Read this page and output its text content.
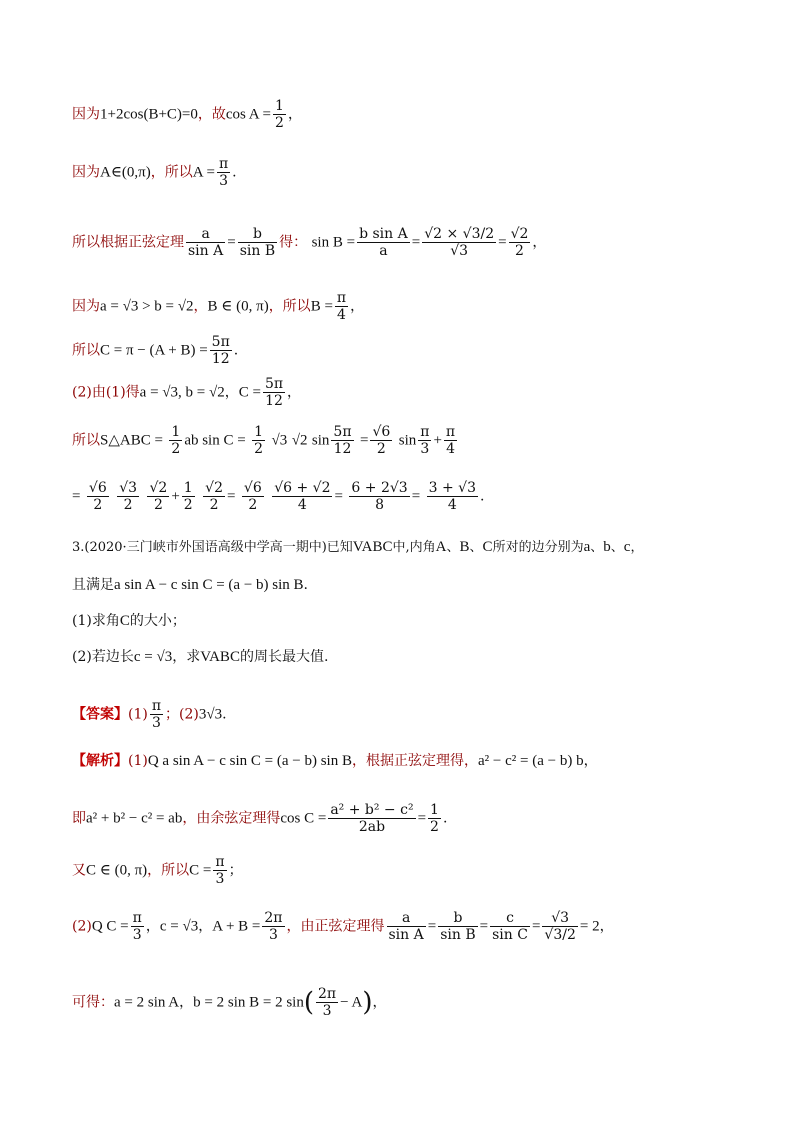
因为1+2cos(B+C)=0，故$\cos A = \frac{1}{2}$ ，
因为A∈(0,π)，所以$A = \frac{\pi}{3}$ .
所以根据正弦定理 $\frac{a}{\text{sin A}} = \frac{b}{\text{sin B}}$ 得： $\sin B = \frac{\text{b sin A}}{a} = \frac{√2 \times √3/2}{√3} = \frac{√2}{2}$ ，
因为a = √3 > b = √2，B ∈ (0, π)，所以$B = \frac{\pi}{4}$ ，
所以$C = \pi - (A + B) = \frac{5\pi}{12}$ .
(2)由(1)得a = √3, b = √2，$C = \frac{5\pi}{12}$ ，
所以S△ABC = $\frac{1}{2}$ ab $\sin C = \frac{1}{2} √3$ √2 $\sin \frac{5\pi}{12} = \frac{√6}{2}$ $\sin \frac{\pi}{3} + \frac{\pi}{4}$
= $\frac{√6}{2}$
$\frac{√3}{2}$
$\frac{√2}{2} + \frac{1}{2}$
$\frac{√2}{2} = \frac{√6}{2}$
$\frac{√6 + √2}{4} = \frac{6 + 2√3}{8} = \frac{3 + √3}{4}$ .
3.(2020·三门峡市外国语高级中学高一期中)已知VABC中,内角A、B、C所对的边分别为a、b、c，
且满足a sin A − c sin C = (a − b) sin B.
(1)求角C的大小；
(2)若边长c = √3，求VABC的周长最大值.
【答案】$(1) \frac{\pi}{3}$ ；(2)3√3.
【解析】(1)Q a sin A − c sin C = (a − b) sin B，根据正弦定理得，a² − c² = (a − b) b，
即a² + b² − c² = ab，由余弦定理得$\cos C = \frac{\text{a² + b² − c²}}{2ab} = \frac{1}{2}$ .
又C ∈ (0, π)，所以$C = \frac{\pi}{3}$ ；
(2)Q $C = \frac{\pi}{3}$ ，c = √3，$A + B = \frac{2\pi}{3}$ ，由正弦定理得 $\frac{a}{\text{sin A}} = \frac{b}{\text{sin B}} = \frac{c}{\text{sin C}} = \frac{√3}{√3/2} = 2$，
可得：a = 2 sin A，b = 2 sin B = 2 $\sin( \frac{2\pi}{3} - A)$，
